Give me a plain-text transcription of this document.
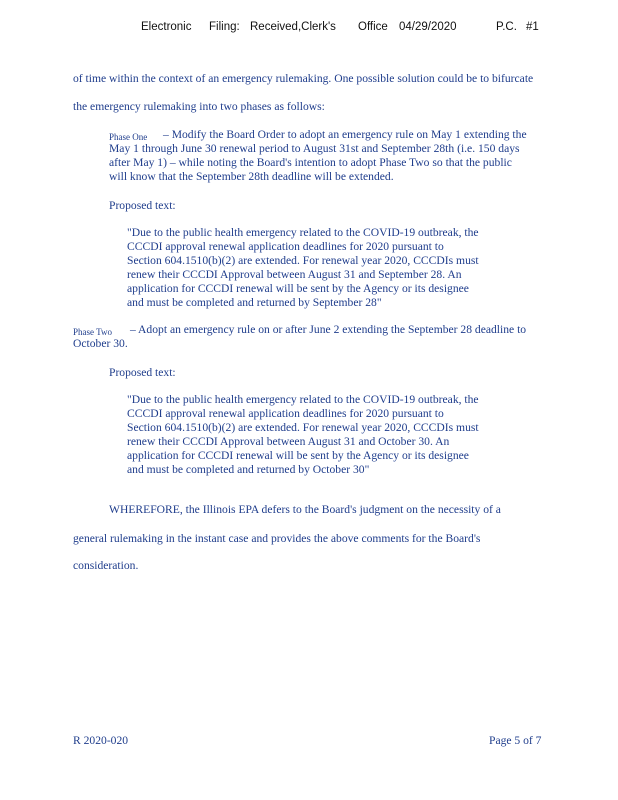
Electronic Filing: Received,Clerk's Office 04/29/2020	P.C. #1
of time within the context of an emergency rulemaking. One possible solution could be to bifurcate
the emergency rulemaking into two phases as follows:
Phase One – Modify the Board Order to adopt an emergency rule on May 1 extending the
May 1 through June 30 renewal period to August 31st and September 28th (i.e. 150 days
after May 1) – while noting the Board's intention to adopt Phase Two so that the public
will know that the September 28th deadline will be extended.
Proposed text:
"Due to the public health emergency related to the COVID-19 outbreak, the
CCCDI approval renewal application deadlines for 2020 pursuant to
Section 604.1510(b)(2) are extended. For renewal year 2020, CCCDIs must
renew their CCCDI Approval between August 31 and September 28. An
application for CCCDI renewal will be sent by the Agency or its designee
and must be completed and returned by September 28"
Phase Two – Adopt an emergency rule on or after June 2 extending the September 28 deadline to
October 30.
Proposed text:
"Due to the public health emergency related to the COVID-19 outbreak, the
CCCDI approval renewal application deadlines for 2020 pursuant to
Section 604.1510(b)(2) are extended. For renewal year 2020, CCCDIs must
renew their CCCDI Approval between August 31 and October 30. An
application for CCCDI renewal will be sent by the Agency or its designee
and must be completed and returned by October 30"
WHEREFORE, the Illinois EPA defers to the Board's judgment on the necessity of a
general rulemaking in the instant case and provides the above comments for the Board's
consideration.
R 2020-020	Page 5 of 7
